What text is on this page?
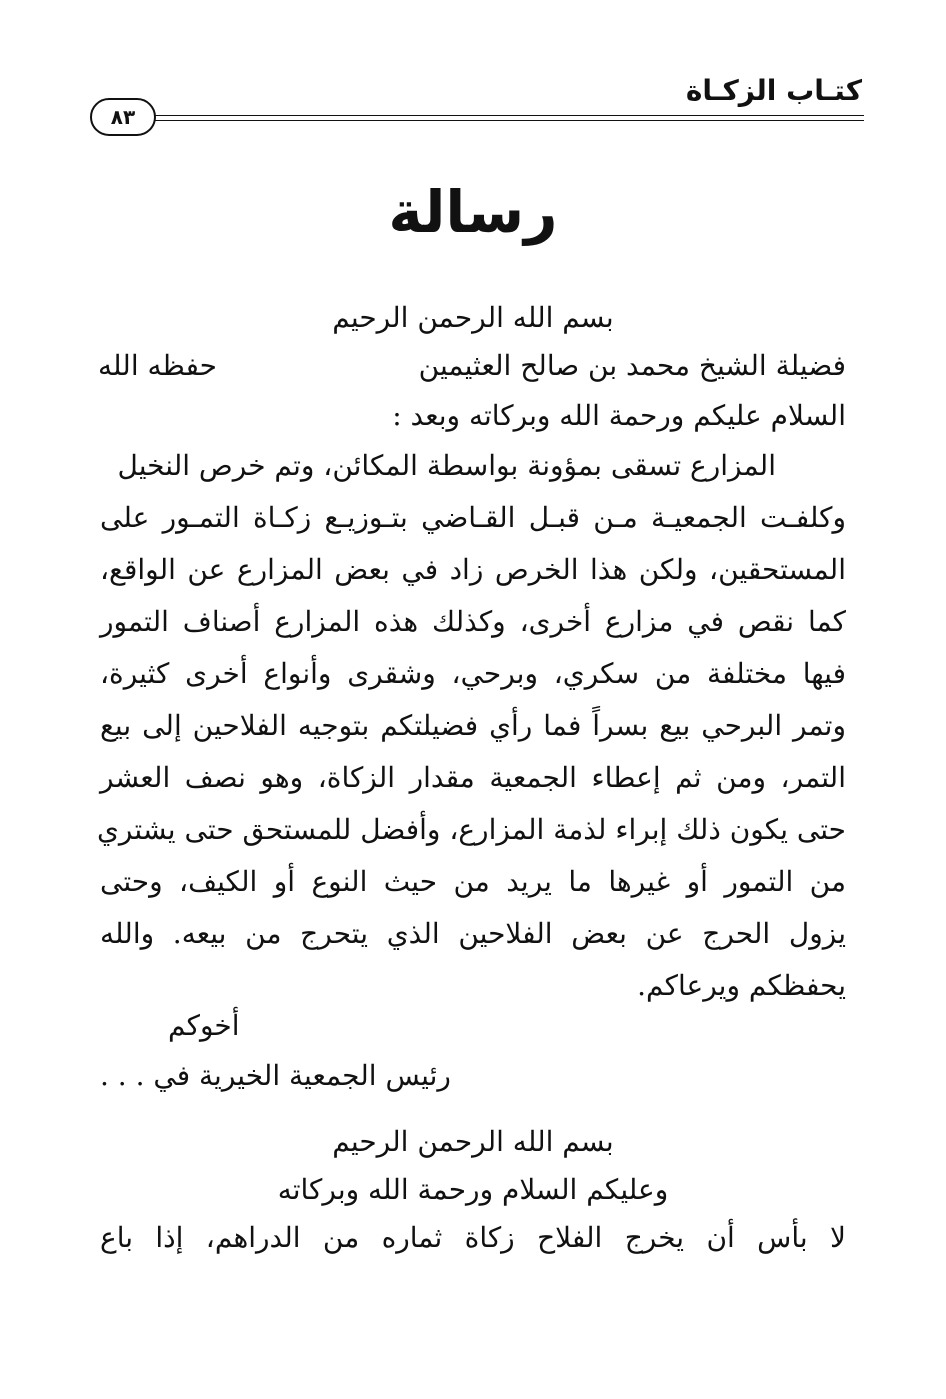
كتـاب الزكـاة
٨٣
رسالة
بسم الله الرحمن الرحيم
فضيلة الشيخ محمد بن صالح العثيمين
حفظه الله
السلام عليكم ورحمة الله وبركاته وبعد :
المزارع تسقى بمؤونة بواسطة المكائن، وتم خرص النخيل
وكلفـت الجمعيـة مـن قبـل القـاضي بتـوزيـع زكـاة التمـور على
المستحقين، ولكن هذا الخرص زاد في بعض المزارع عن الواقع،
كما نقص في مزارع أخرى، وكذلك هذه المزارع أصناف التمور
فيها مختلفة من سكري، وبرحي، وشقرى وأنواع أخرى كثيرة،
وتمر البرحي بيع بسراً فما رأي فضيلتكم بتوجيه الفلاحين إلى بيع
التمر، ومن ثم إعطاء الجمعية مقدار الزكاة، وهو نصف العشر
حتى يكون ذلك إبراء لذمة المزارع، وأفضل للمستحق حتى يشتري
من التمور أو غيرها ما يريد من حيث النوع أو الكيف، وحتى
يزول الحرج عن بعض الفلاحين الذي يتحرج من بيعه. والله
يحفظكم ويرعاكم.
أخوكم
رئيس الجمعية الخيرية في . . .
بسم الله الرحمن الرحيم
وعليكم السلام ورحمة الله وبركاته
لا بأس أن يخرج الفلاح زكاة ثماره من الدراهم، إذا باع
